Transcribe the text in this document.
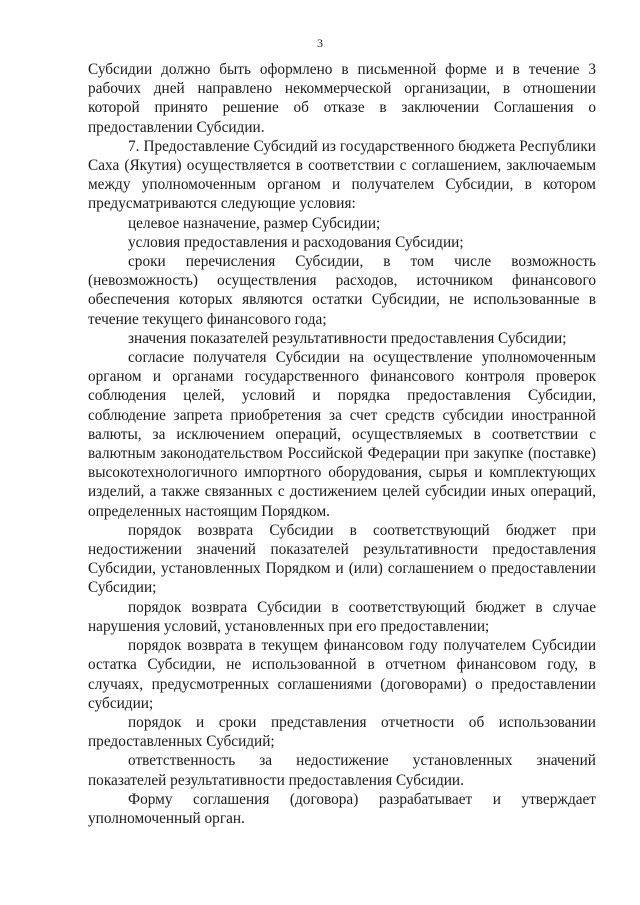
3

Субсидии должно быть оформлено в письменной форме и в течение 3 рабочих дней направлено некоммерческой организации, в отношении которой принято решение об отказе в заключении Соглашения о предоставлении Субсидии.

7. Предоставление Субсидий из государственного бюджета Республики Саха (Якутия) осуществляется в соответствии с соглашением, заключаемым между уполномоченным органом и получателем Субсидии, в котором предусматриваются следующие условия:

целевое назначение, размер Субсидии;

условия предоставления и расходования Субсидии;

сроки перечисления Субсидии, в том числе возможность (невозможность) осуществления расходов, источником финансового обеспечения которых являются остатки Субсидии, не использованные в течение текущего финансового года;

значения показателей результативности предоставления Субсидии;

согласие получателя Субсидии на осуществление уполномоченным органом и органами государственного финансового контроля проверок соблюдения целей, условий и порядка предоставления Субсидии, соблюдение запрета приобретения за счет средств субсидии иностранной валюты, за исключением операций, осуществляемых в соответствии с валютным законодательством Российской Федерации при закупке (поставке) высокотехнологичного импортного оборудования, сырья и комплектующих изделий, а также связанных с достижением целей субсидии иных операций, определенных настоящим Порядком.

порядок возврата Субсидии в соответствующий бюджет при недостижении значений показателей результативности предоставления Субсидии, установленных Порядком и (или) соглашением о предоставлении Субсидии;

порядок возврата Субсидии в соответствующий бюджет в случае нарушения условий, установленных при его предоставлении;

порядок возврата в текущем финансовом году получателем Субсидии остатка Субсидии, не использованной в отчетном финансовом году, в случаях, предусмотренных соглашениями (договорами) о предоставлении субсидии;

порядок и сроки представления отчетности об использовании предоставленных Субсидий;

ответственность за недостижение установленных значений показателей результативности предоставления Субсидии.

Форму соглашения (договора) разрабатывает и утверждает уполномоченный орган.
